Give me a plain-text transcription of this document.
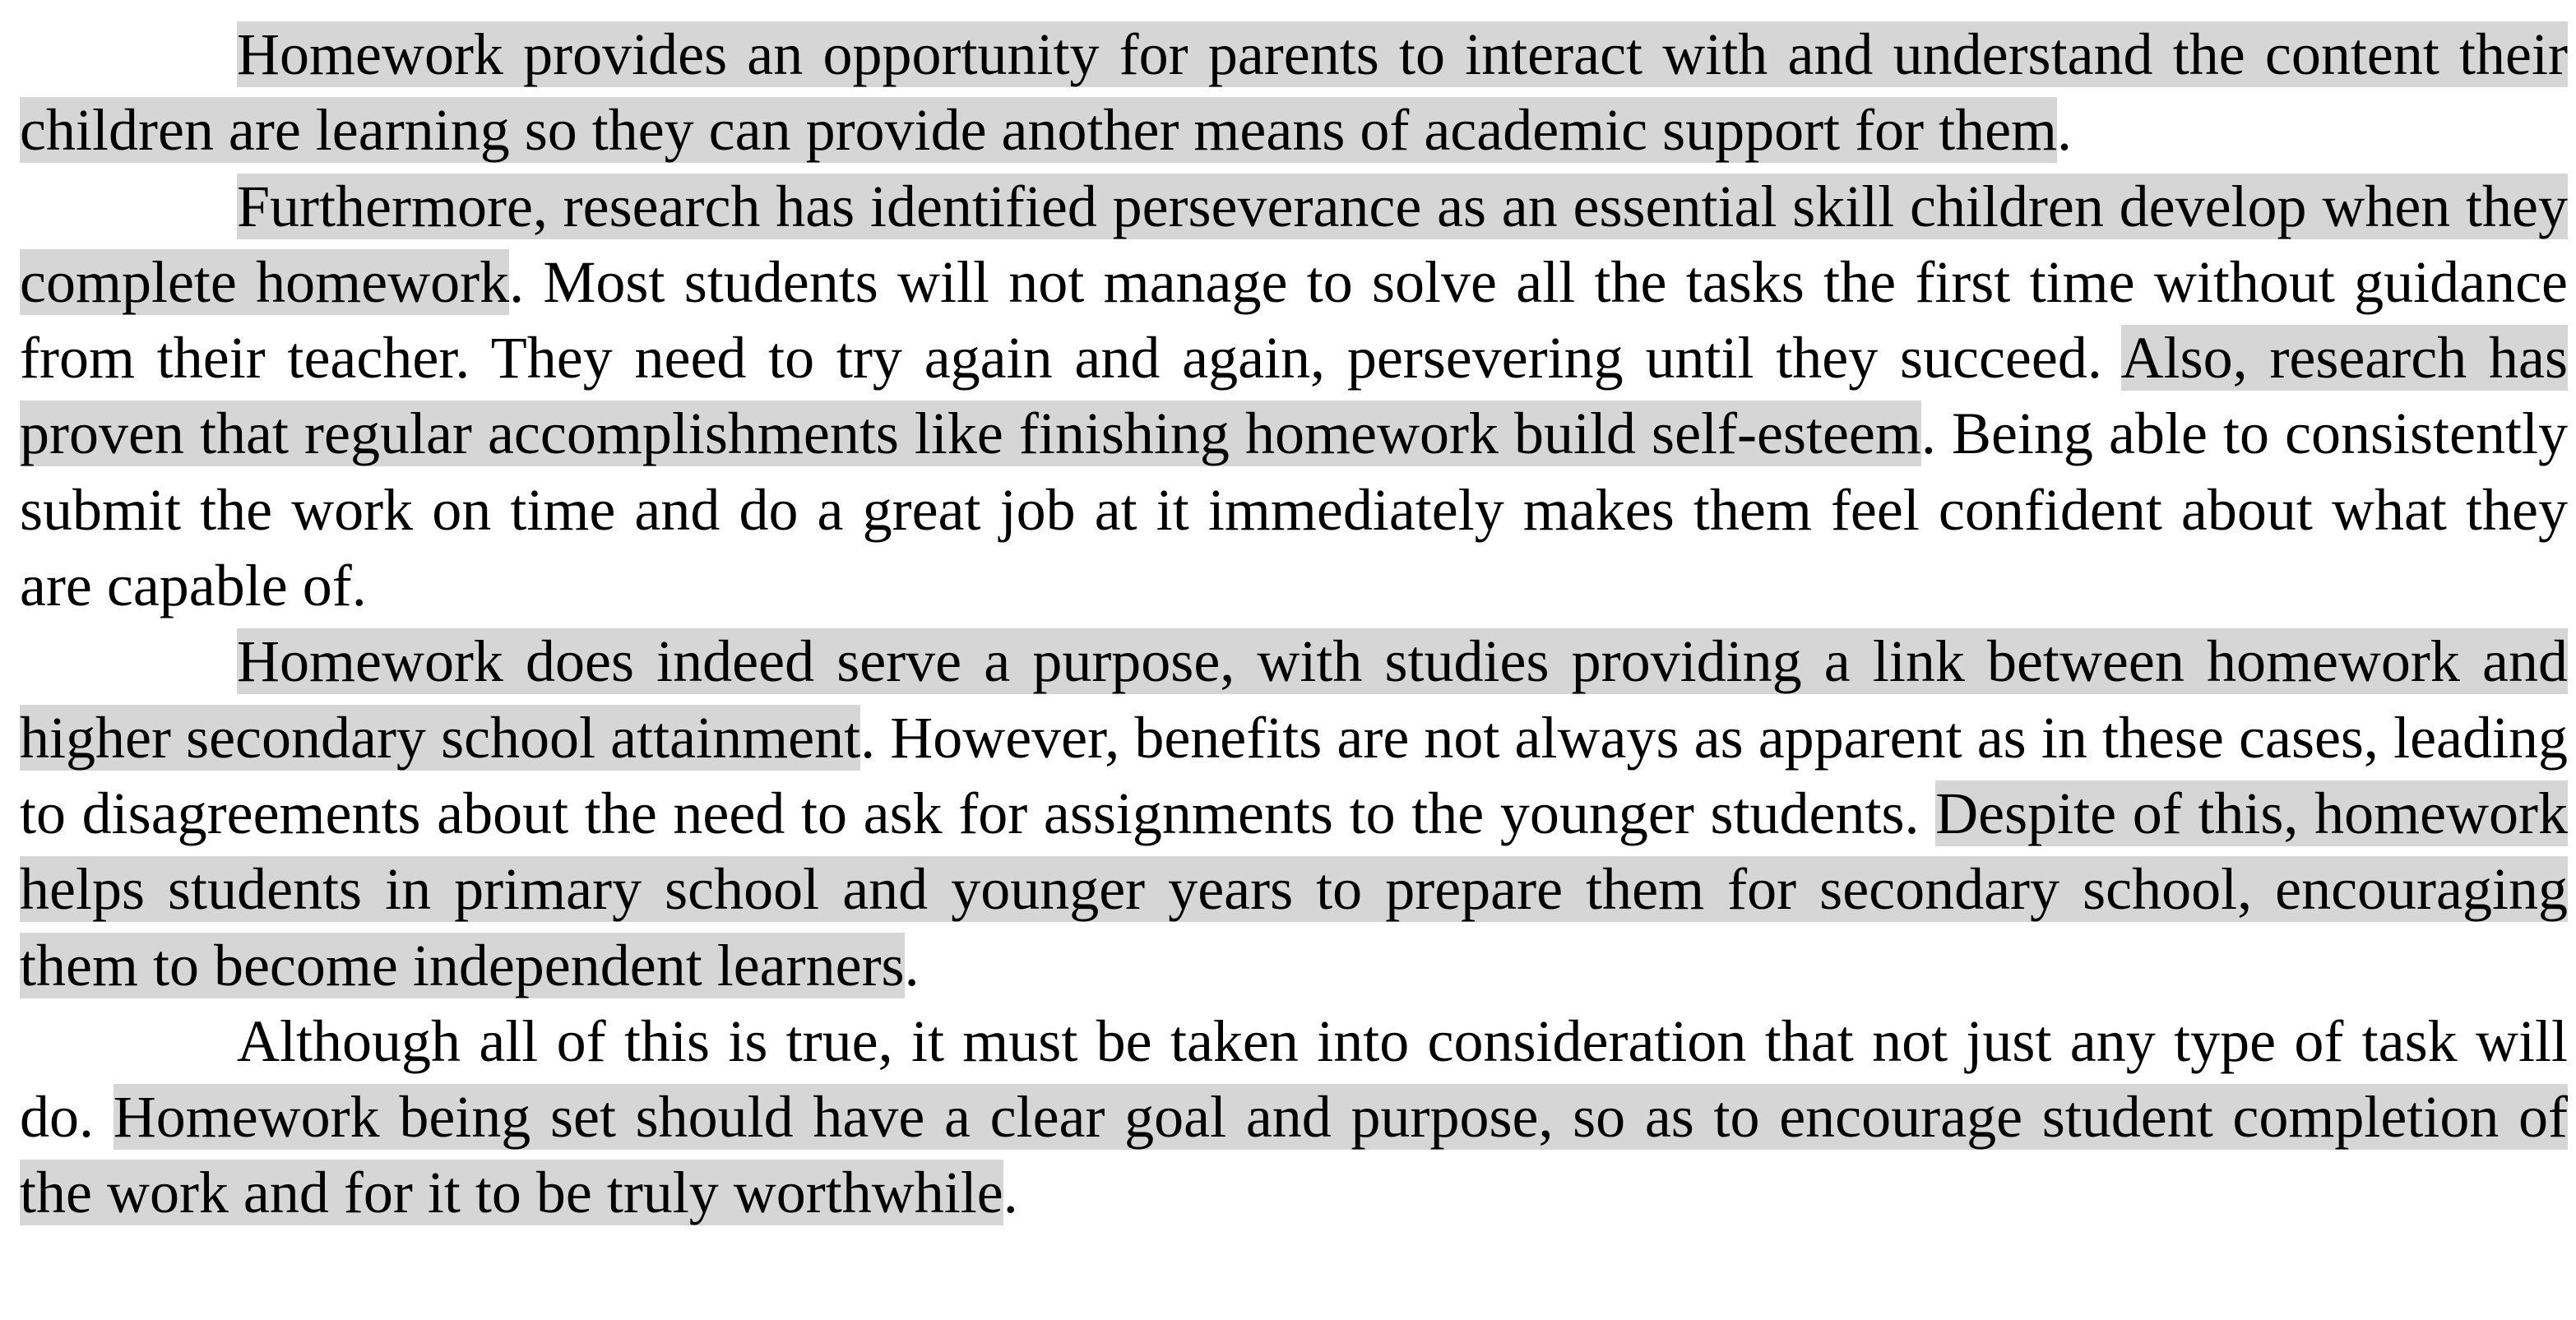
Homework provides an opportunity for parents to interact with and understand the content their children are learning so they can provide another means of academic support for them.

Furthermore, research has identified perseverance as an essential skill children develop when they complete homework. Most students will not manage to solve all the tasks the first time without guidance from their teacher. They need to try again and again, persevering until they succeed. Also, research has proven that regular accomplishments like finishing homework build self-esteem. Being able to consistently submit the work on time and do a great job at it immediately makes them feel confident about what they are capable of.

Homework does indeed serve a purpose, with studies providing a link between homework and higher secondary school attainment. However, benefits are not always as apparent as in these cases, leading to disagreements about the need to ask for assignments to the younger students. Despite of this, homework helps students in primary school and younger years to prepare them for secondary school, encouraging them to become independent learners.

Although all of this is true, it must be taken into consideration that not just any type of task will do. Homework being set should have a clear goal and purpose, so as to encourage student completion of the work and for it to be truly worthwhile.
